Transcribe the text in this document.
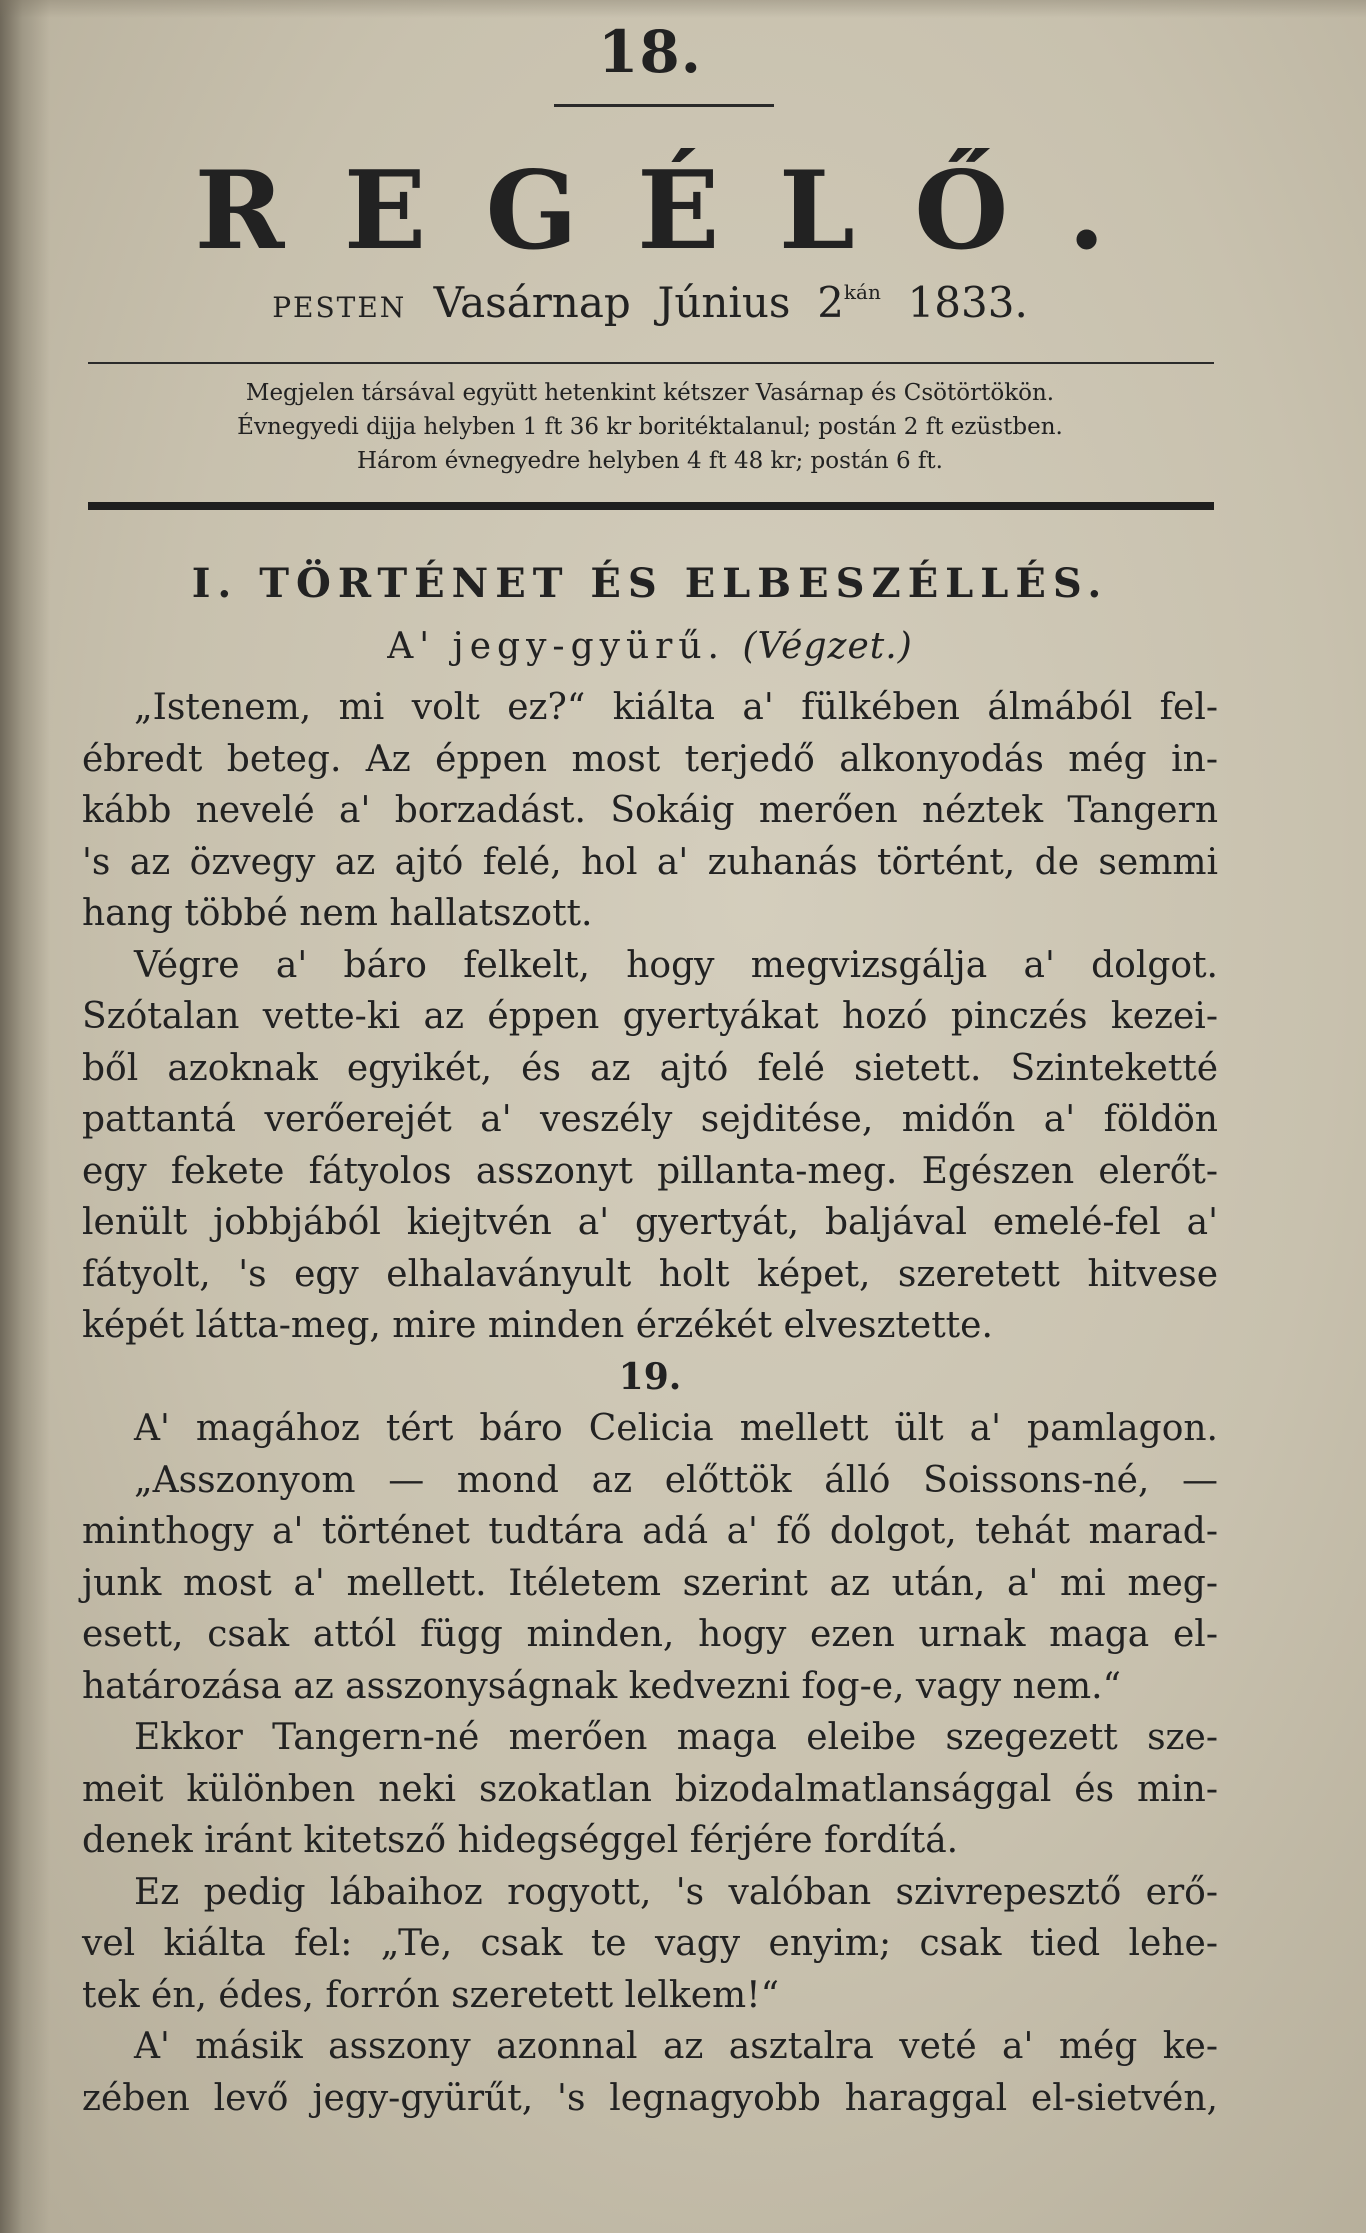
18.
REGÉLŐ.
PESTEN Vasárnap Június $2^{kán}$ 1833.
Megjelen társával együtt hetenkint kétszer Vasárnap és Csötörtökön.
Évnegyedi dijja helyben 1 ft 36 kr boritéktalanul; postán 2 ft ezüstben.
Három évnegyedre helyben 4 ft 48 kr; postán 6 ft.
I. TÖRTÉNET ÉS ELBESZÉLLÉS.
A' jegy-gyürű. (Végzet.)
„Istenem, mi volt ez?“ kiálta a' fülkében álmából fel-
ébredt beteg. Az éppen most terjedő alkonyodás még in-
kább nevelé a' borzadást. Sokáig merően néztek Tangern
's az özvegy az ajtó felé, hol a' zuhanás történt, de semmi
hang többé nem hallatszott.
Végre a' báro felkelt, hogy megvizsgálja a' dolgot.
Szótalan vette-ki az éppen gyertyákat hozó pinczés kezei-
ből azoknak egyikét, és az ajtó felé sietett. Szinteketté
pattantá verőerejét a' veszély sejditése, midőn a' földön
egy fekete fátyolos asszonyt pillanta-meg. Egészen elerőt-
lenült jobbjából kiejtvén a' gyertyát, baljával emelé-fel a'
fátyolt, 's egy elhalaványult holt képet, szeretett hitvese
képét látta-meg, mire minden érzékét elvesztette.
19.
A' magához tért báro Celicia mellett ült a' pamlagon.
„Asszonyom — mond az előttök álló Soissons-né, —
minthogy a' történet tudtára adá a' fő dolgot, tehát marad-
junk most a' mellett. Itéletem szerint az után, a' mi meg-
esett, csak attól függ minden, hogy ezen urnak maga el-
határozása az asszonyságnak kedvezni fog-e, vagy nem.“
Ekkor Tangern-né merően maga eleibe szegezett sze-
meit különben neki szokatlan bizodalmatlansággal és min-
denek iránt kitetsző hidegséggel férjére fordítá.
Ez pedig lábaihoz rogyott, 's valóban szivrepesztő erő-
vel kiálta fel: „Te, csak te vagy enyim; csak tied lehe-
tek én, édes, forrón szeretett lelkem!“
A' másik asszony azonnal az asztalra veté a' még ke-
zében levő jegy-gyürűt, 's legnagyobb haraggal el-sietvén,
